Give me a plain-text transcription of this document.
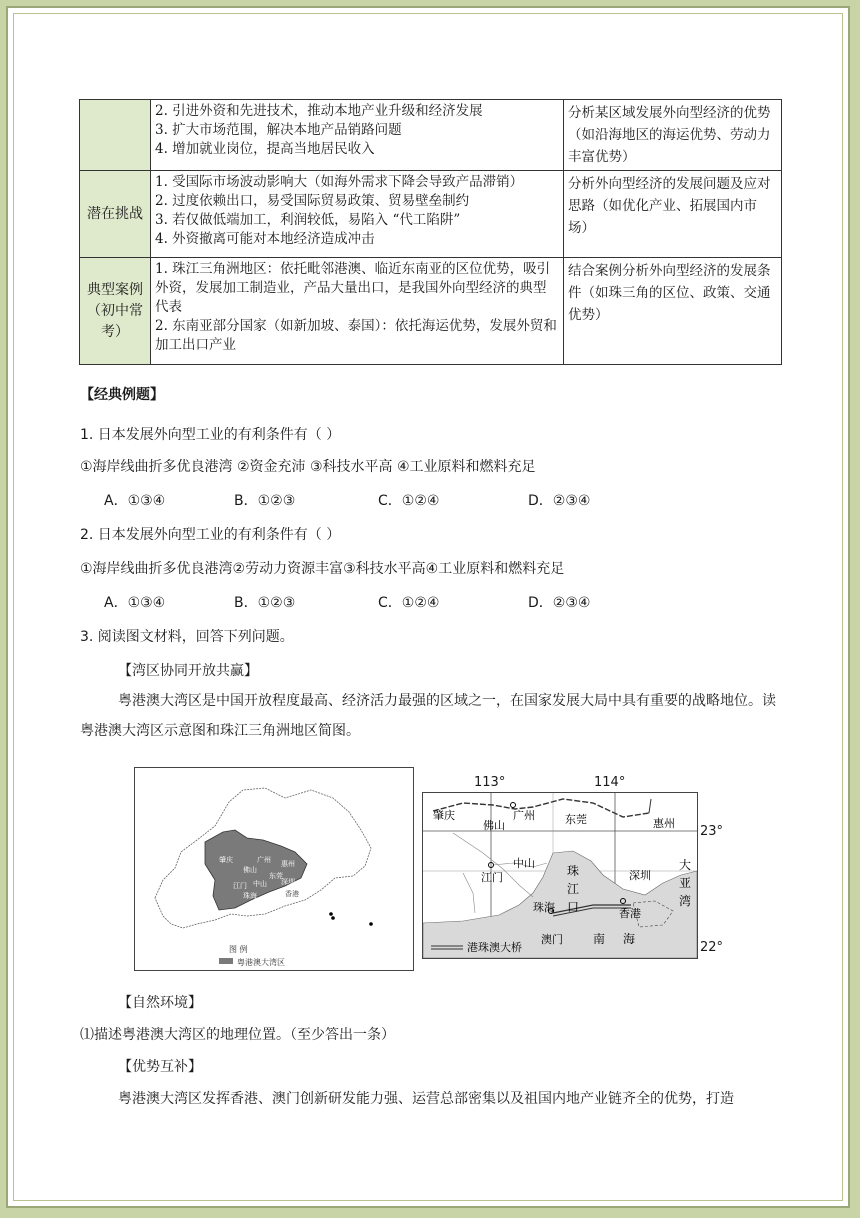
	2. 引进外资和先进技术，推动本地产业升级和经济发展
3. 扩大市场范围，解决本地产品销路问题
4. 增加就业岗位，提高当地居民收入	分析某区域发展外向型经济的优势（如沿海地区的海运优势、劳动力丰富优势）
潜在挑战	1. 受国际市场波动影响大（如海外需求下降会导致产品滞销）
2. 过度依赖出口，易受国际贸易政策、贸易壁垒制约
3. 若仅做低端加工，利润较低，易陷入 “代工陷阱”
4. 外资撤离可能对本地经济造成冲击	分析外向型经济的发展问题及应对思路（如优化产业、拓展国内市场）
典型案例（初中常考）	1. 珠江三角洲地区：依托毗邻港澳、临近东南亚的区位优势，吸引外资，发展加工制造业，产品大量出口，是我国外向型经济的典型代表
2. 东南亚部分国家（如新加坡、泰国）：依托海运优势，发展外贸和加工出口产业	结合案例分析外向型经济的发展条件（如珠三角的区位、政策、交通优势）
【经典例题】
1. 日本发展外向型工业的有利条件有（ ）
①海岸线曲折多优良港湾 ②资金充沛 ③科技水平高 ④工业原料和燃料充足
A．①③④	B．①②③	C．①②④	D．②③④
2. 日本发展外向型工业的有利条件有（ ）
①海岸线曲折多优良港湾②劳动力资源丰富③科技水平高④工业原料和燃料充足
A．①③④	B．①②③	C．①②④	D．②③④
3. 阅读图文材料，回答下列问题。
【湾区协同开放共赢】
粤港澳大湾区是中国开放程度最高、经济活力最强的区域之一，在国家发展大局中具有重要的战略地位。读粤港澳大湾区示意图和珠江三角洲地区简图。
图 例
粤港澳大湾区
肇庆	广州 惠州
佛山
东莞
江门 中山 深圳
珠海
澳门
香港
肇庆
佛山
广州	东莞	惠州
中山
江门	深圳
珠海	香港
澳门
珠
江
口
大
亚
湾
南 海
港珠澳大桥
113°	114°
23°
22°
【自然环境】
⑴描述粤港澳大湾区的地理位置。（至少答出一条）
【优势互补】
粤港澳大湾区发挥香港、澳门创新研发能力强、运营总部密集以及祖国内地产业链齐全的优势，打造
